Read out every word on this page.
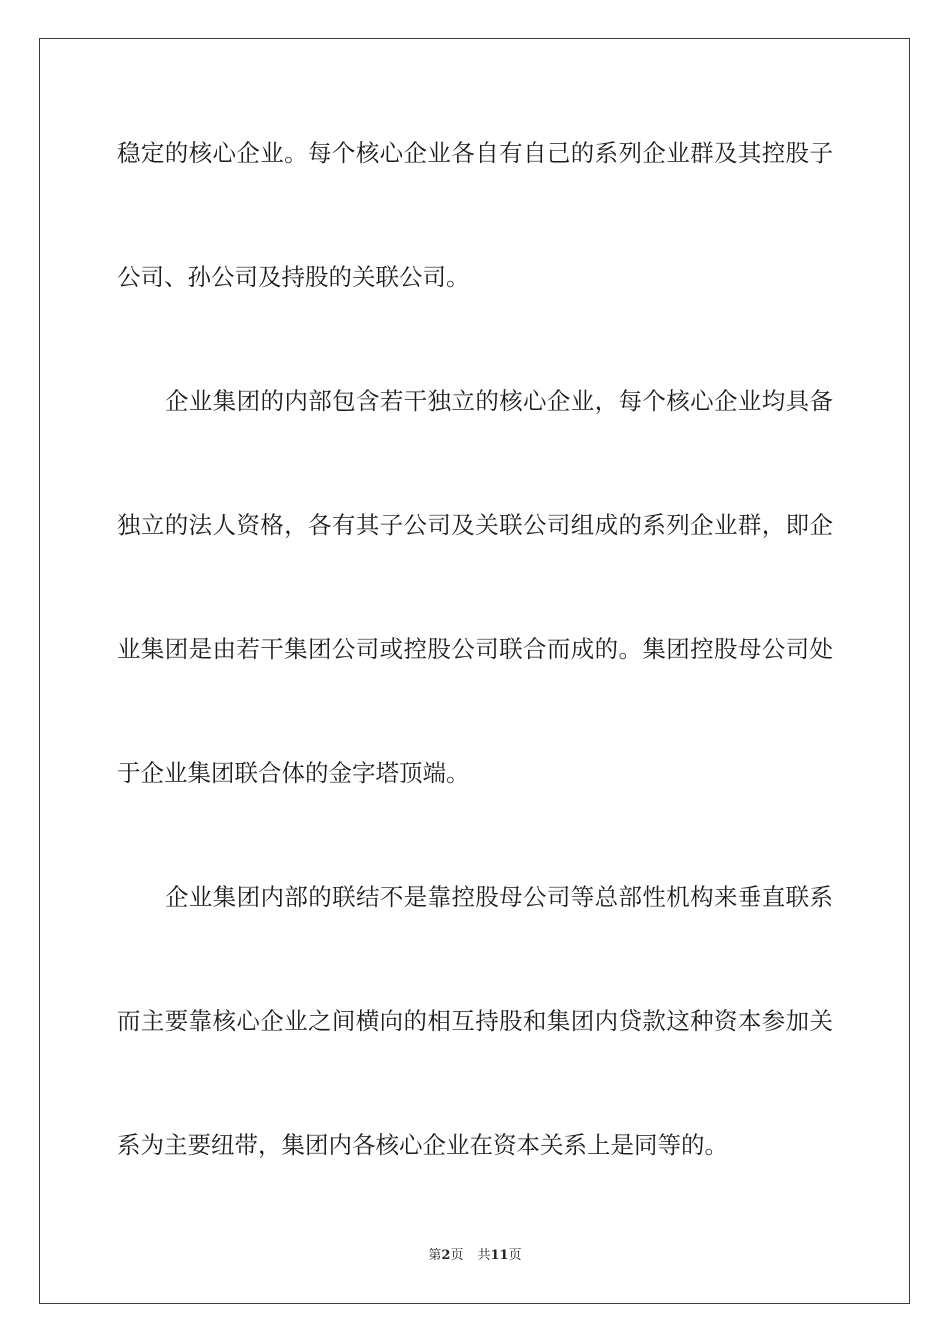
稳定的核心企业。每个核心企业各自有自己的系列企业群及其控股子
公司、孙公司及持股的关联公司。
企业集团的内部包含若干独立的核心企业，每个核心企业均具备
独立的法人资格，各有其子公司及关联公司组成的系列企业群，即企
业集团是由若干集团公司或控股公司联合而成的。集团控股母公司处
于企业集团联合体的金字塔顶端。
企业集团内部的联结不是靠控股母公司等总部性机构来垂直联系
而主要靠核心企业之间横向的相互持股和集团内贷款这种资本参加关
系为主要纽带，集团内各核心企业在资本关系上是同等的。
第2页 共11页
